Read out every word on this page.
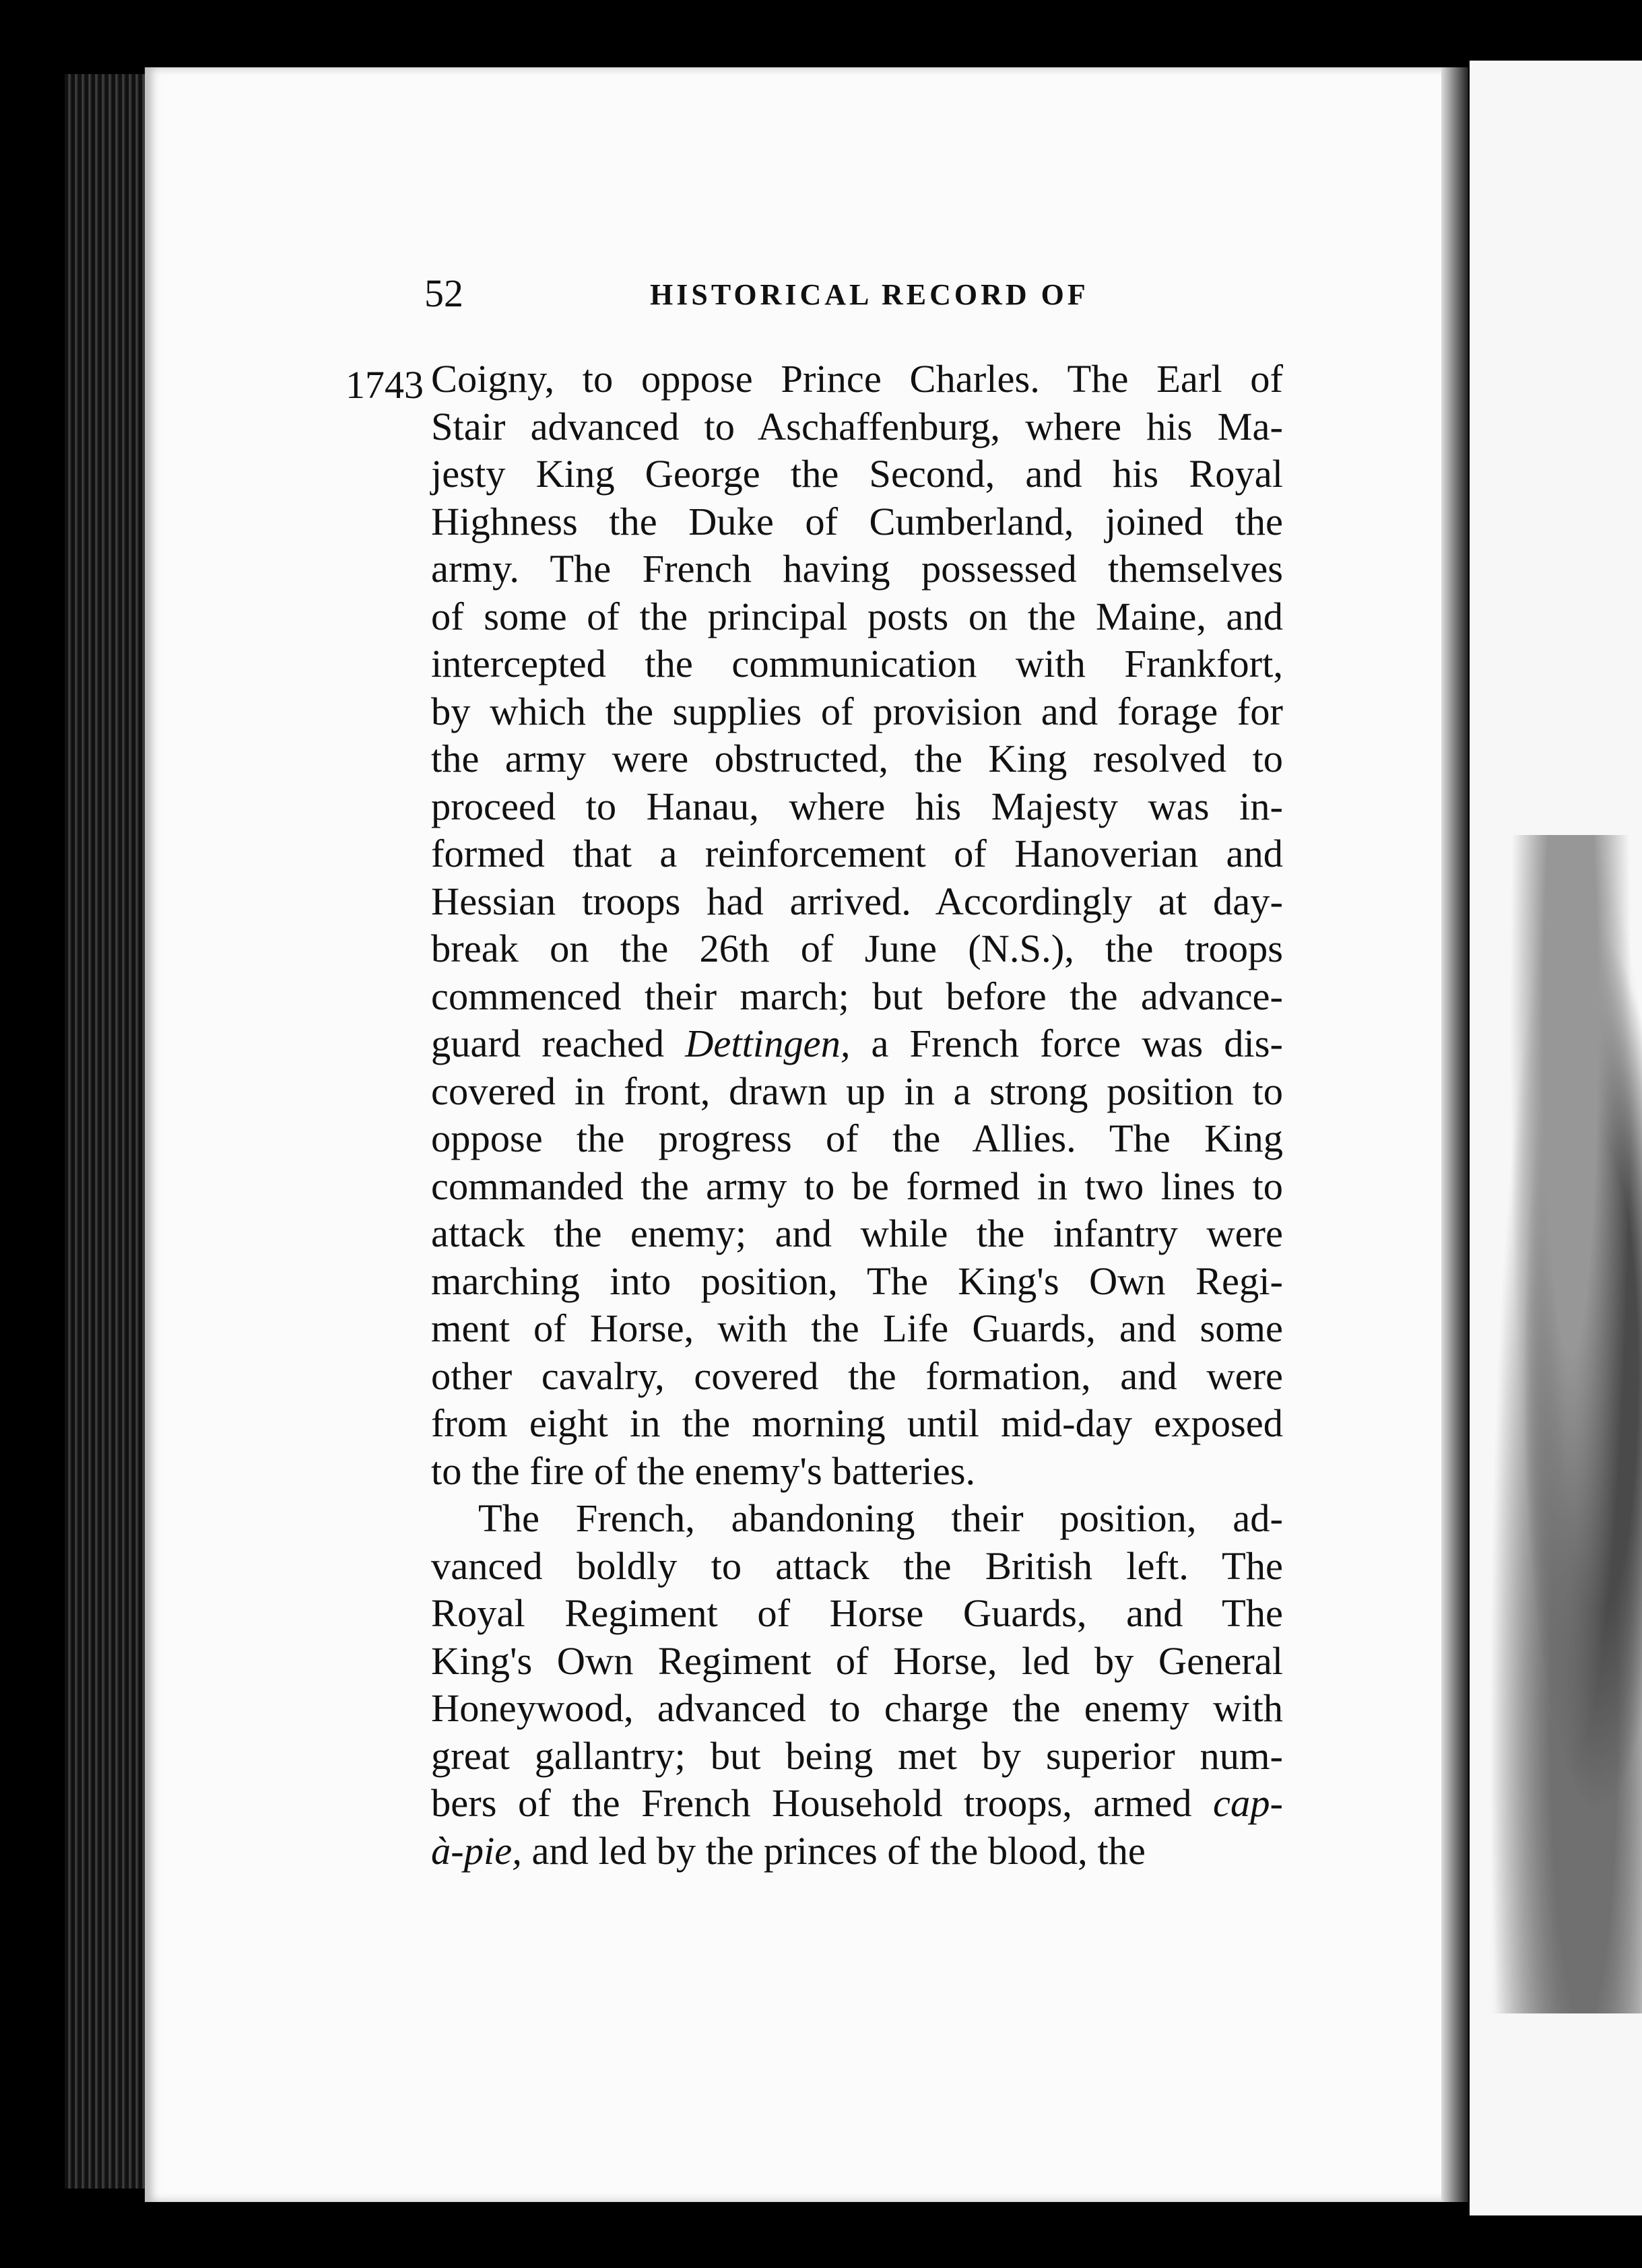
52	HISTORICAL RECORD OF
1743 Coigny, to oppose Prince Charles. The Earl of
Stair advanced to Aschaffenburg, where his Ma-
jesty King George the Second, and his Royal
Highness the Duke of Cumberland, joined the
army. The French having possessed themselves
of some of the principal posts on the Maine, and
intercepted the communication with Frankfort,
by which the supplies of provision and forage for
the army were obstructed, the King resolved to
proceed to Hanau, where his Majesty was in-
formed that a reinforcement of Hanoverian and
Hessian troops had arrived. Accordingly at day-
break on the 26th of June (N.S.), the troops
commenced their march; but before the advance-
guard reached Dettingen, a French force was dis-
covered in front, drawn up in a strong position to
oppose the progress of the Allies. The King
commanded the army to be formed in two lines to
attack the enemy; and while the infantry were
marching into position, The King's Own Regi-
ment of Horse, with the Life Guards, and some
other cavalry, covered the formation, and were
from eight in the morning until mid-day exposed
to the fire of the enemy's batteries.
The French, abandoning their position, ad-
vanced boldly to attack the British left. The
Royal Regiment of Horse Guards, and The
King's Own Regiment of Horse, led by General
Honeywood, advanced to charge the enemy with
great gallantry; but being met by superior num-
bers of the French Household troops, armed cap-
à-pie, and led by the princes of the blood, the
